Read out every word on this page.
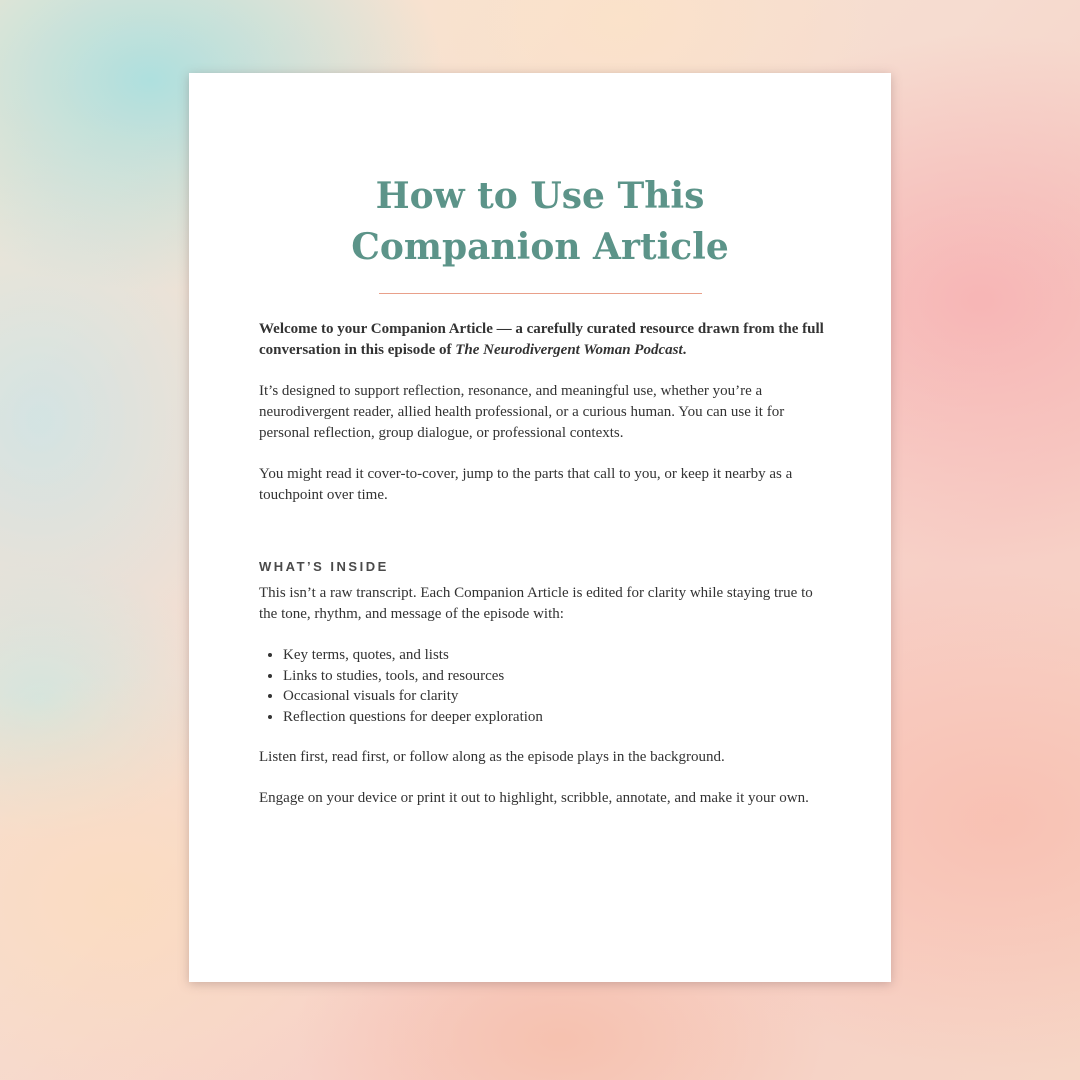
How to Use This
Companion Article

Welcome to your Companion Article — a carefully curated resource drawn from the full conversation in this episode of The Neurodivergent Woman Podcast.

It’s designed to support reflection, resonance, and meaningful use, whether you’re a neurodivergent reader, allied health professional, or a curious human. You can use it for personal reflection, group dialogue, or professional contexts.

You might read it cover-to-cover, jump to the parts that call to you, or keep it nearby as a touchpoint over time.

WHAT’S INSIDE

This isn’t a raw transcript. Each Companion Article is edited for clarity while staying true to the tone, rhythm, and message of the episode with:

• Key terms, quotes, and lists
• Links to studies, tools, and resources
• Occasional visuals for clarity
• Reflection questions for deeper exploration

Listen first, read first, or follow along as the episode plays in the background.

Engage on your device or print it out to highlight, scribble, annotate, and make it your own.
